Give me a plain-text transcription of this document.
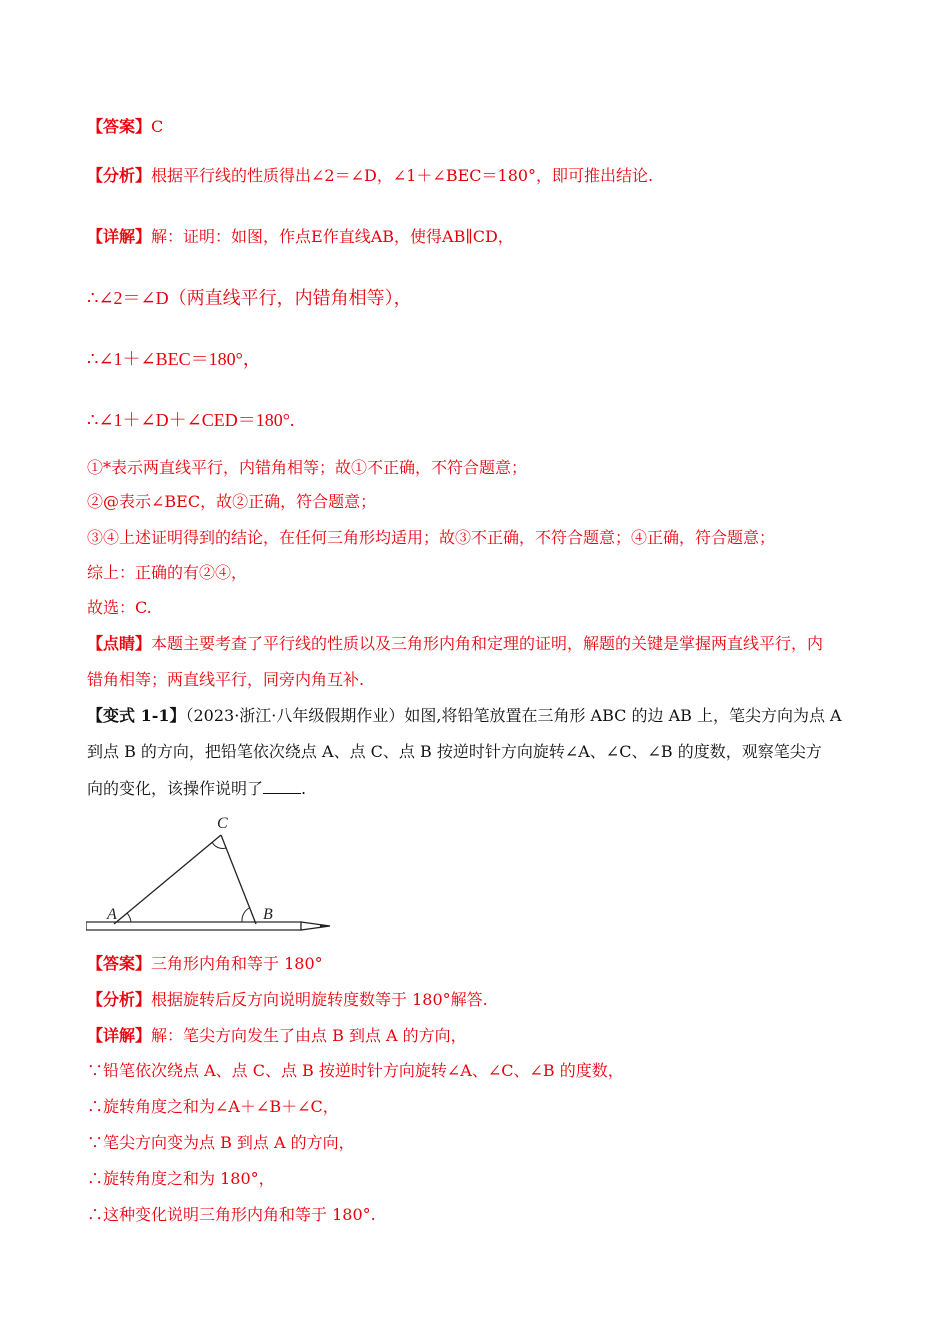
【答案】C
【分析】根据平行线的性质得出∠2＝∠D，∠1＋∠BEC＝180°，即可推出结论.
【详解】解：证明：如图，作点E作直线AB，使得AB∥CD，
∴∠2＝∠D（两直线平行，内错角相等），
∴∠1＋∠BEC＝180°，
∴∠1＋∠D＋∠CED＝180°.
①*表示两直线平行，内错角相等；故①不正确，不符合题意；
②@表示∠BEC，故②正确，符合题意；
③④上述证明得到的结论，在任何三角形均适用；故③不正确，不符合题意；④正确，符合题意；
综上：正确的有②④，
故选：C.
【点睛】本题主要考查了平行线的性质以及三角形内角和定理的证明，解题的关键是掌握两直线平行，内
错角相等；两直线平行，同旁内角互补.
【变式 1-1】（2023·浙江·八年级假期作业）如图,将铅笔放置在三角形 ABC 的边 AB 上，笔尖方向为点 A
到点 B 的方向，把铅笔依次绕点 A、点 C、点 B 按逆时针方向旋转∠A、∠C、∠B 的度数，观察笔尖方
向的变化，该操作说明了 .
A	B
C
【答案】三角形内角和等于 180°
【分析】根据旋转后反方向说明旋转度数等于 180°解答.
【详解】解：笔尖方向发生了由点 B 到点 A 的方向，
∵铅笔依次绕点 A、点 C、点 B 按逆时针方向旋转∠A、∠C、∠B 的度数，
∴旋转角度之和为∠A＋∠B＋∠C，
∵笔尖方向变为点 B 到点 A 的方向，
∴旋转角度之和为 180°，
∴这种变化说明三角形内角和等于 180°.
